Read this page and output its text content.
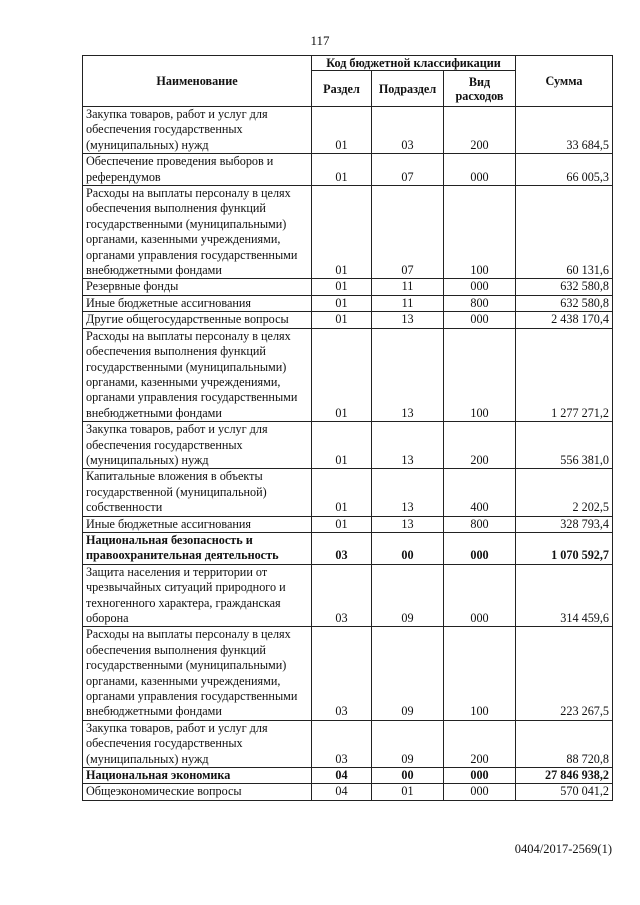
117
Наименование	Код бюджетной классификации			Сумма
	Раздел	Подраздел	Вид расходов	
Закупка товаров, работ и услуг для обеспечения государственных (муниципальных) нужд	01	03	200	33 684,5
Обеспечение проведения выборов и референдумов	01	07	000	66 005,3
Расходы на выплаты персоналу в целях обеспечения выполнения функций государственными (муниципальными) органами, казенными учреждениями, органами управления государственными внебюджетными фондами	01	07	100	60 131,6
Резервные фонды	01	11	000	632 580,8
Иные бюджетные ассигнования	01	11	800	632 580,8
Другие общегосударственные вопросы	01	13	000	2 438 170,4
Расходы на выплаты персоналу в целях обеспечения выполнения функций государственными (муниципальными) органами, казенными учреждениями, органами управления государственными внебюджетными фондами	01	13	100	1 277 271,2
Закупка товаров, работ и услуг для обеспечения государственных (муниципальных) нужд	01	13	200	556 381,0
Капитальные вложения в объекты государственной (муниципальной) собственности	01	13	400	2 202,5
Иные бюджетные ассигнования	01	13	800	328 793,4
Национальная безопасность и правоохранительная деятельность	03	00	000	1 070 592,7
Защита населения и территории от чрезвычайных ситуаций природного и техногенного характера, гражданская оборона	03	09	000	314 459,6
Расходы на выплаты персоналу в целях обеспечения выполнения функций государственными (муниципальными) органами, казенными учреждениями, органами управления государственными внебюджетными фондами	03	09	100	223 267,5
Закупка товаров, работ и услуг для обеспечения государственных (муниципальных) нужд	03	09	200	88 720,8
Национальная экономика	04	00	000	27 846 938,2
Общеэкономические вопросы	04	01	000	570 041,2
0404/2017-2569(1)
